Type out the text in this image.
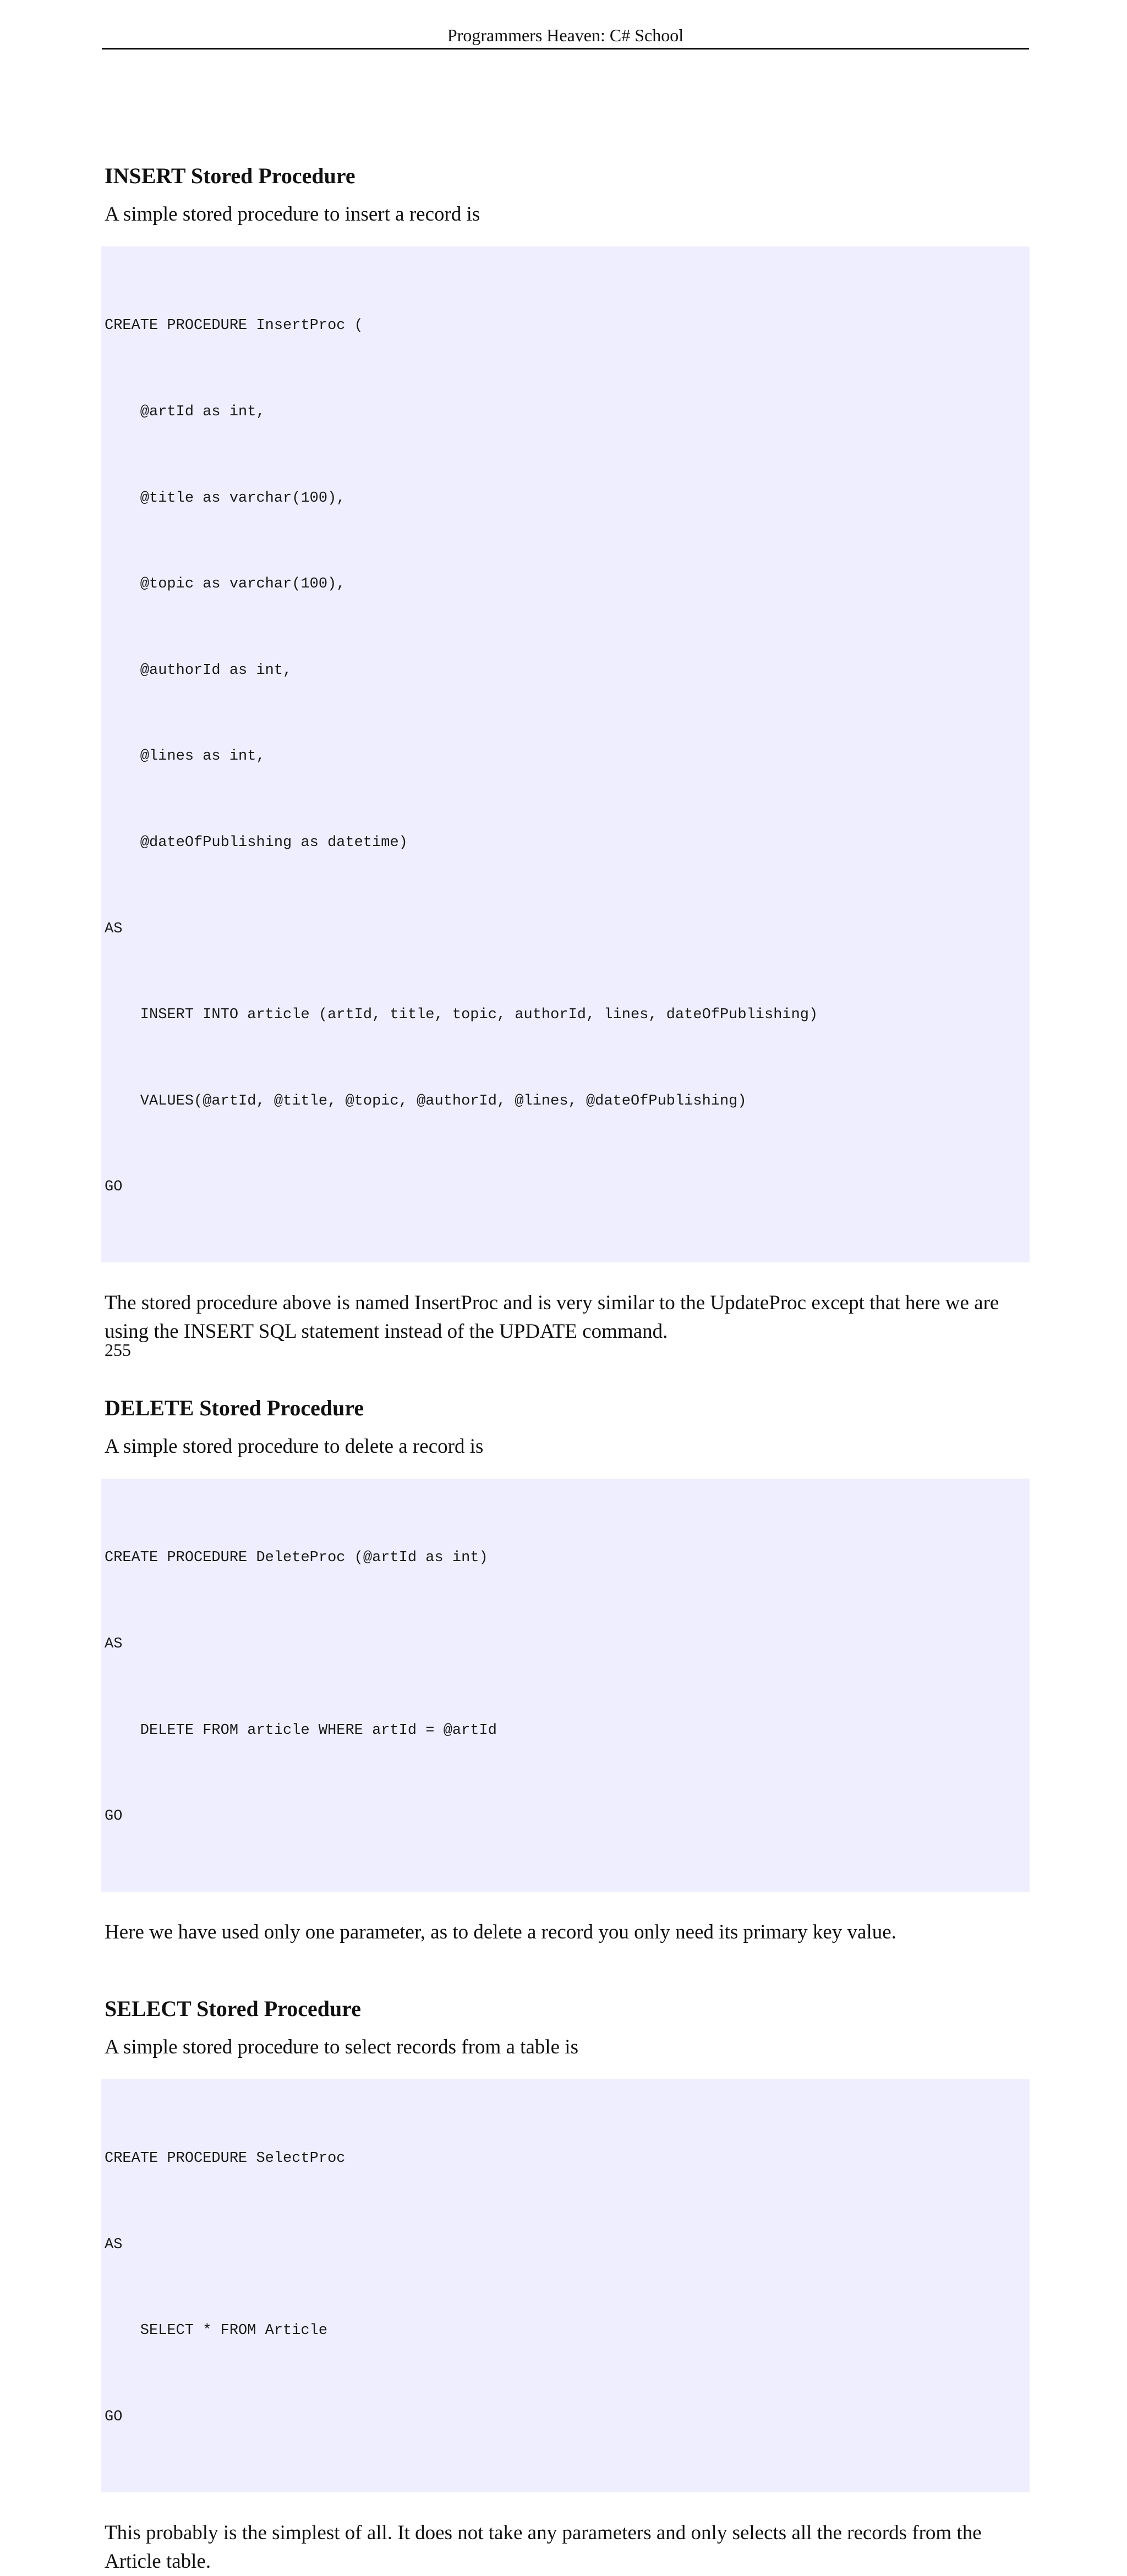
Programmers Heaven: C# School
INSERT Stored Procedure

A simple stored procedure to insert a record is

CREATE PROCEDURE InsertProc (

@artId as int,

@title as varchar(100),

@topic as varchar(100),

@authorId as int,

@lines as int,

@dateOfPublishing as datetime)

AS

INSERT INTO article (artId, title, topic, authorId, lines, dateOfPublishing)

VALUES(@artId, @title, @topic, @authorId, @lines, @dateOfPublishing)

GO

The stored procedure above is named InsertProc and is very similar to the UpdateProc except that here we are using the INSERT SQL statement instead of the UPDATE command.

DELETE Stored Procedure

A simple stored procedure to delete a record is

CREATE PROCEDURE DeleteProc (@artId as int)

AS

DELETE FROM article WHERE artId = @artId

GO

Here we have used only one parameter, as to delete a record you only need its primary key value.

SELECT Stored Procedure

A simple stored procedure to select records from a table is

CREATE PROCEDURE SelectProc

AS

SELECT * FROM Article

GO

This probably is the simplest of all. It does not take any parameters and only selects all the records from the Article table.

255
